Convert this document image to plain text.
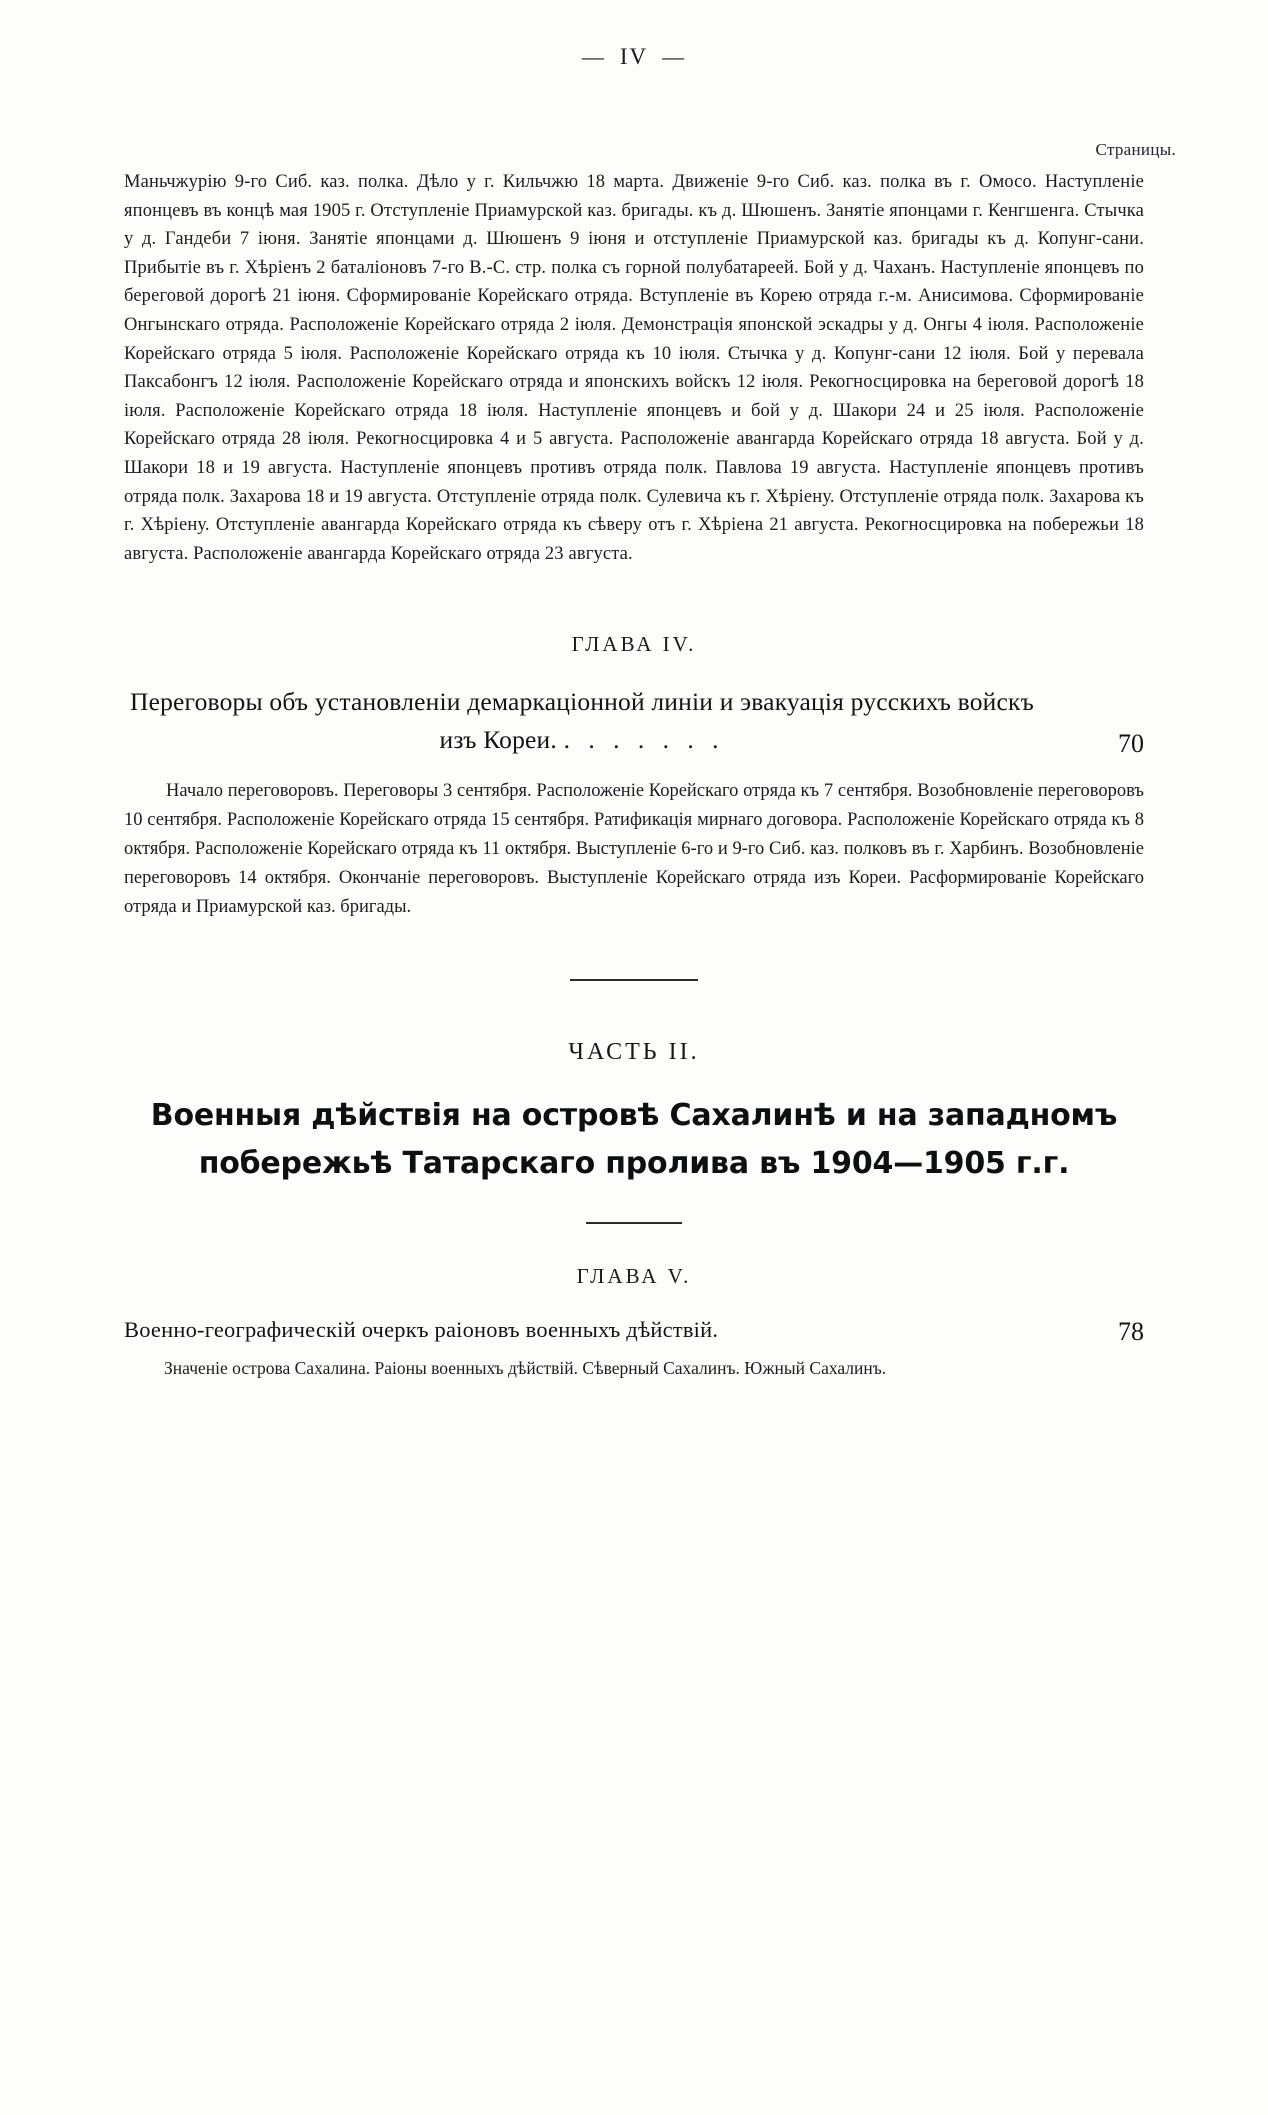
— IV —
Страницы.
Маньчжурію 9-го Сиб. каз. полка. Дѣло у г. Кильчжю 18 марта. Движеніе 9-го Сиб. каз. полка въ г. Омосо. Наступленіе японцевъ въ концѣ мая 1905 г. Отступленіе Приамурской каз. бригады. къ д. Шюшенъ. Занятіе японцами г. Кенгшенга. Стычка у д. Гандеби 7 іюня. Занятіе японцами д. Шюшенъ 9 іюня и отступленіе Приамурской каз. бригады къ д. Копунг-сани. Прибытіе въ г. Хѣріенъ 2 баталіоновъ 7-го В.-С. стр. полка съ горной полубатареей. Бой у д. Чаханъ. Наступленіе японцевъ по береговой дорогѣ 21 іюня. Сформированіе Корейскаго отряда. Вступленіе въ Корею отряда г.-м. Анисимова. Сформированіе Онгынскаго отряда. Расположеніе Корейскаго отряда 2 іюля. Демонстрація японской эскадры у д. Онгы 4 іюля. Расположеніе Корейскаго отряда 5 іюля. Расположеніе Корейскаго отряда къ 10 іюля. Стычка у д. Копунг-сани 12 іюля. Бой у перевала Паксабонгъ 12 іюля. Расположеніе Корейскаго отряда и японскихъ войскъ 12 іюля. Рекогносцировка на береговой дорогѣ 18 іюля. Расположеніе Корейскаго отряда 18 іюля. Наступленіе японцевъ и бой у д. Шакори 24 и 25 іюля. Расположеніе Корейскаго отряда 28 іюля. Рекогносцировка 4 и 5 августа. Расположеніе авангарда Корейскаго отряда 18 августа. Бой у д. Шакори 18 и 19 августа. Наступленіе японцевъ противъ отряда полк. Павлова 19 августа. Наступленіе японцевъ противъ отряда полк. Захарова 18 и 19 августа. Отступленіе отряда полк. Сулевича къ г. Хѣріену. Отступленіе отряда полк. Захарова къ г. Хѣріену. Отступленіе авангарда Корейскаго отряда къ сѣверу отъ г. Хѣріена 21 августа. Рекогносцировка на побережьи 18 августа. Расположеніе авангарда Корейскаго отряда 23 августа.
ГЛАВА IV.
Переговоры объ установленіи демаркаціонной линіи и эвакуація русскихъ войскъ изъ Кореи. . . . . . . .	70
Начало переговоровъ. Переговоры 3 сентября. Расположеніе Корейскаго отряда къ 7 сентября. Возобновленіе переговоровъ 10 сентября. Расположеніе Корейскаго отряда 15 сентября. Ратификація мирнаго договора. Расположеніе Корейскаго отряда къ 8 октября. Расположеніе Корейскаго отряда къ 11 октября. Выступленіе 6-го и 9-го Сиб. каз. полковъ въ г. Харбинъ. Возобновленіе переговоровъ 14 октября. Окончаніе переговоровъ. Выступленіе Корейскаго отряда изъ Кореи. Расформированіе Корейскаго отряда и Приамурской каз. бригады.
ЧАСТЬ II.
Военныя дѣйствія на островѣ Сахалинѣ и на западномъ
побережьѣ Татарскаго пролива въ 1904—1905 г.г.
ГЛАВА V.
Военно-географическій очеркъ раіоновъ военныхъ дѣйствій.	78
Значеніе острова Сахалина. Раіоны военныхъ дѣйствій. Сѣверный Сахалинъ. Южный Сахалинъ.
